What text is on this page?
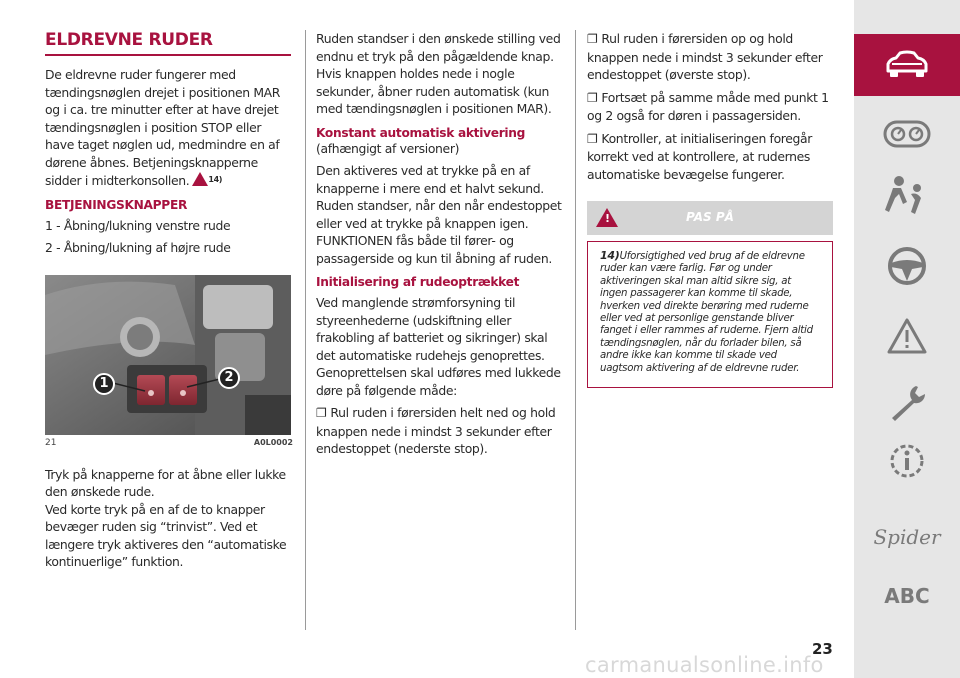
ELDREVNE RUDER

De eldrevne ruder fungerer med tændingsnøglen drejet i positionen MAR og i ca. tre minutter efter at have drejet tændingsnøglen i position STOP eller have taget nøglen ud, medmindre en af dørene åbnes. Betjeningsknapperne sidder i midterkonsollen. $^{14)}$

BETJENINGSKNAPPER

1 - Åbning/lukning venstre rude

2 - Åbning/lukning af højre rude

1	2
21	A0L0002

Tryk på knapperne for at åbne eller lukke den ønskede rude.

Ved korte tryk på en af de to knapper bevæger ruden sig “trinvist”. Ved et længere tryk aktiveres den “automatiske kontinuerlige” funktion.

Ruden standser i den ønskede stilling ved endnu et tryk på den pågældende knap. Hvis knappen holdes nede i nogle sekunder, åbner ruden automatisk (kun med tændingsnøglen i positionen MAR).

Konstant automatisk aktivering

(afhængigt af versioner)

Den aktiveres ved at trykke på en af knapperne i mere end et halvt sekund. Ruden standser, når den når endestoppet eller ved at trykke på knappen igen.

FUNKTIONEN fås både til fører- og passagerside og kun til åbning af ruden.

Initialisering af rudeoptrækket

Ved manglende strømforsyning til styreenhederne (udskiftning eller frakobling af batteriet og sikringer) skal det automatiske rudehejs genoprettes. Genoprettelsen skal udføres med lukkede døre på følgende måde:

❐ Rul ruden i førersiden helt ned og hold knappen nede i mindst 3 sekunder efter endestoppet (nederste stop).

❐ Rul ruden i førersiden op og hold knappen nede i mindst 3 sekunder efter endestoppet (øverste stop).

❐ Fortsæt på samme måde med punkt 1 og 2 også for døren i passagersiden.

❐ Kontroller, at initialiseringen foregår korrekt ved at kontrollere, at rudernes automatiske bevægelse fungerer.

!
PAS PÅ

14)Uforsigtighed ved brug af de eldrevne ruder kan være farlig. Før og under aktiveringen skal man altid sikre sig, at ingen passagerer kan komme til skade, hverken ved direkte berøring med ruderne eller ved at personlige genstande bliver fanget i eller rammes af ruderne. Fjern altid tændingsnøglen, når du forlader bilen, så andre ikke kan komme til skade ved uagtsom aktivering af de eldrevne ruder.

Spider
ABC
23
carmanualsonline.info
